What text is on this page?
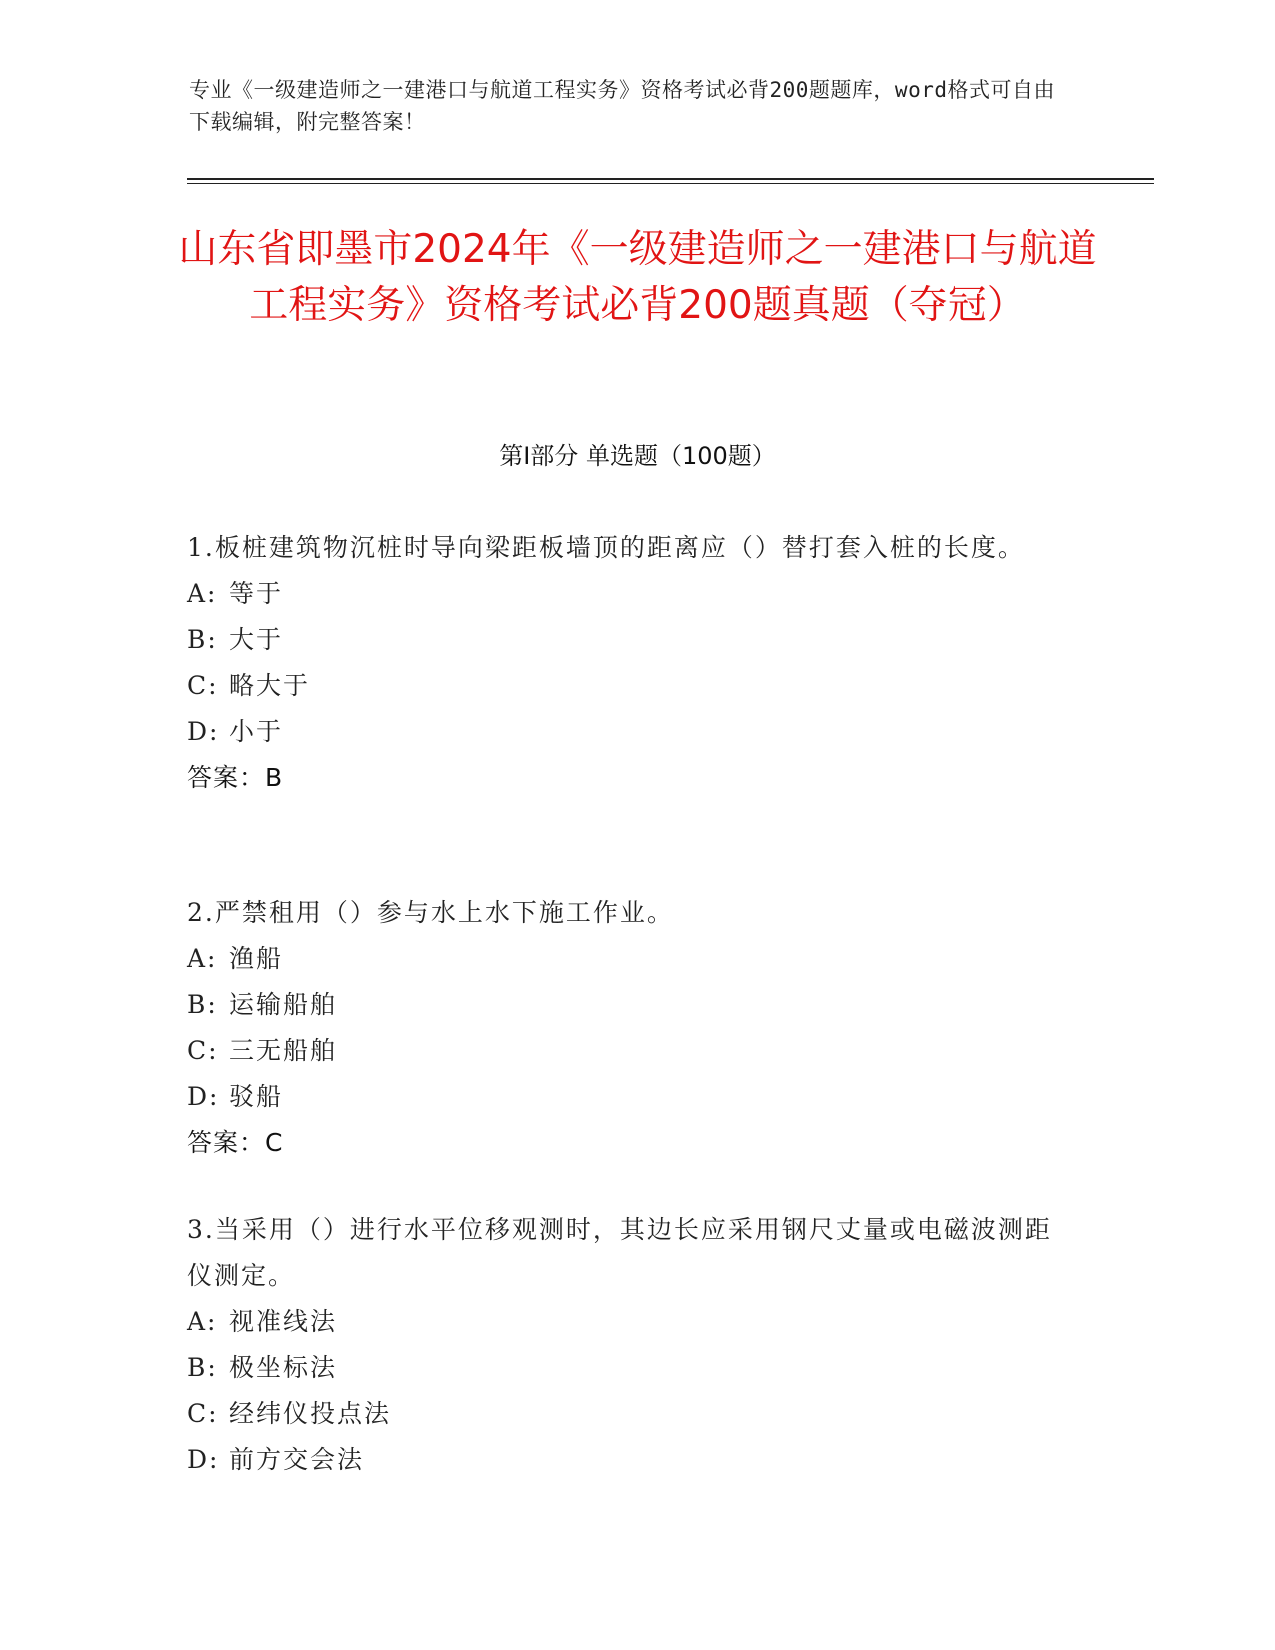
专业《一级建造师之一建港口与航道工程实务》资格考试必背200题题库，word格式可自由下载编辑，附完整答案！
山东省即墨市2024年《一级建造师之一建港口与航道工程实务》资格考试必背200题真题（夺冠）
第I部分 单选题（100题）

1.板桩建筑物沉桩时导向梁距板墙顶的距离应（）替打套入桩的长度。

A: 等于

B: 大于

C: 略大于

D: 小于

答案：B

2.严禁租用（）参与水上水下施工作业。

A: 渔船

B: 运输船舶

C: 三无船舶

D: 驳船

答案：C

3.当采用（）进行水平位移观测时，其边长应采用钢尺丈量或电磁波测距仪测定。

A: 视准线法

B: 极坐标法

C: 经纬仪投点法

D: 前方交会法
